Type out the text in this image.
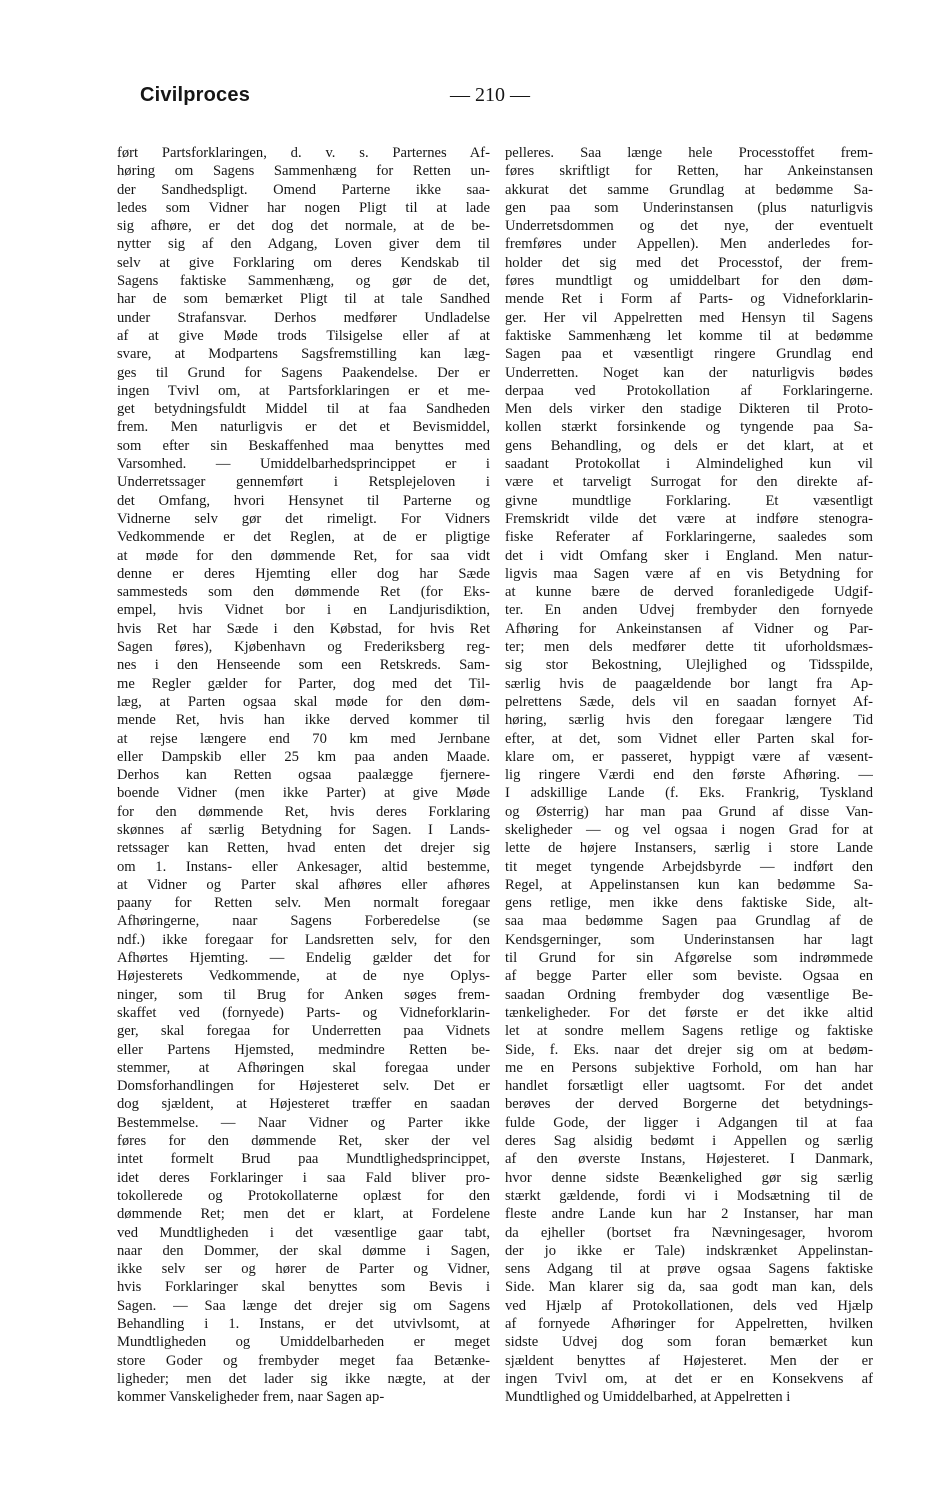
Civilproces	— 210 —
ført Partsforklaringen, d. v. s. Parternes Af-
høring om Sagens Sammenhæng for Retten un-
der Sandhedspligt. Omend Parterne ikke saa-
ledes som Vidner har nogen Pligt til at lade
sig afhøre, er det dog det normale, at de be-
nytter sig af den Adgang, Loven giver dem til
selv at give Forklaring om deres Kendskab til
Sagens faktiske Sammenhæng, og gør de det,
har de som bemærket Pligt til at tale Sandhed
under Strafansvar. Derhos medfører Undladelse
af at give Møde trods Tilsigelse eller af at
svare, at Modpartens Sagsfremstilling kan læg-
ges til Grund for Sagens Paakendelse. Der er
ingen Tvivl om, at Partsforklaringen er et me-
get betydningsfuldt Middel til at faa Sandheden
frem. Men naturligvis er det et Bevismiddel,
som efter sin Beskaffenhed maa benyttes med
Varsomhed. — Umiddelbarhedsprincippet er i
Underretssager gennemført i Retsplejeloven i
det Omfang, hvori Hensynet til Parterne og
Vidnerne selv gør det rimeligt. For Vidners
Vedkommende er det Reglen, at de er pligtige
at møde for den dømmende Ret, for saa vidt
denne er deres Hjemting eller dog har Sæde
sammesteds som den dømmende Ret (for Eks-
empel, hvis Vidnet bor i en Landjurisdiktion,
hvis Ret har Sæde i den Købstad, for hvis Ret
Sagen føres), Kjøbenhavn og Frederiksberg reg-
nes i den Henseende som een Retskreds. Sam-
me Regler gælder for Parter, dog med det Til-
læg, at Parten ogsaa skal møde for den døm-
mende Ret, hvis han ikke derved kommer til
at rejse længere end 70 km med Jernbane
eller Dampskib eller 25 km paa anden Maade.
Derhos kan Retten ogsaa paalægge fjernere-
boende Vidner (men ikke Parter) at give Møde
for den dømmende Ret, hvis deres Forklaring
skønnes af særlig Betydning for Sagen. I Lands-
retssager kan Retten, hvad enten det drejer sig
om 1. Instans- eller Ankesager, altid bestemme,
at Vidner og Parter skal afhøres eller afhøres
paany for Retten selv. Men normalt foregaar
Afhøringerne, naar Sagens Forberedelse (se
ndf.) ikke foregaar for Landsretten selv, for den
Afhørtes Hjemting. — Endelig gælder det for
Højesterets Vedkommende, at de nye Oplys-
ninger, som til Brug for Anken søges frem-
skaffet ved (fornyede) Parts- og Vidneforklarin-
ger, skal foregaa for Underretten paa Vidnets
eller Partens Hjemsted, medmindre Retten be-
stemmer, at Afhøringen skal foregaa under
Domsforhandlingen for Højesteret selv. Det er
dog sjældent, at Højesteret træffer en saadan
Bestemmelse. — Naar Vidner og Parter ikke
føres for den dømmende Ret, sker der vel
intet formelt Brud paa Mundtlighedsprincippet,
idet deres Forklaringer i saa Fald bliver pro-
tokollerede og Protokollaterne oplæst for den
dømmende Ret; men det er klart, at Fordelene
ved Mundtligheden i det væsentlige gaar tabt,
naar den Dommer, der skal dømme i Sagen,
ikke selv ser og hører de Parter og Vidner,
hvis Forklaringer skal benyttes som Bevis i
Sagen. — Saa længe det drejer sig om Sagens
Behandling i 1. Instans, er det utvivlsomt, at
Mundtligheden og Umiddelbarheden er meget
store Goder og frembyder meget faa Betænke-
ligheder; men det lader sig ikke nægte, at der
kommer Vanskeligheder frem, naar Sagen ap-
pelleres. Saa længe hele Processtoffet frem-
føres skriftligt for Retten, har Ankeinstansen
akkurat det samme Grundlag at bedømme Sa-
gen paa som Underinstansen (plus naturligvis
Underretsdommen og det nye, der eventuelt
fremføres under Appellen). Men anderledes for-
holder det sig med det Processtof, der frem-
føres mundtligt og umiddelbart for den døm-
mende Ret i Form af Parts- og Vidneforklarin-
ger. Her vil Appelretten med Hensyn til Sagens
faktiske Sammenhæng let komme til at bedømme
Sagen paa et væsentligt ringere Grundlag end
Underretten. Noget kan der naturligvis bødes
derpaa ved Protokollation af Forklaringerne.
Men dels virker den stadige Dikteren til Proto-
kollen stærkt forsinkende og tyngende paa Sa-
gens Behandling, og dels er det klart, at et
saadant Protokollat i Almindelighed kun vil
være et tarveligt Surrogat for den direkte af-
givne mundtlige Forklaring. Et væsentligt
Fremskridt vilde det være at indføre stenogra-
fiske Referater af Forklaringerne, saaledes som
det i vidt Omfang sker i England. Men natur-
ligvis maa Sagen være af en vis Betydning for
at kunne bære de derved foranledigede Udgif-
ter. En anden Udvej frembyder den fornyede
Afhøring for Ankeinstansen af Vidner og Par-
ter; men dels medfører dette tit uforholdsmæs-
sig stor Bekostning, Ulejlighed og Tidsspilde,
særlig hvis de paagældende bor langt fra Ap-
pelrettens Sæde, dels vil en saadan fornyet Af-
høring, særlig hvis den foregaar længere Tid
efter, at det, som Vidnet eller Parten skal for-
klare om, er passeret, hyppigt være af væsent-
lig ringere Værdi end den første Afhøring. —
I adskillige Lande (f. Eks. Frankrig, Tyskland
og Østerrig) har man paa Grund af disse Van-
skeligheder — og vel ogsaa i nogen Grad for at
lette de højere Instansers, særlig i store Lande
tit meget tyngende Arbejdsbyrde — indført den
Regel, at Appelinstansen kun kan bedømme Sa-
gens retlige, men ikke dens faktiske Side, alt-
saa maa bedømme Sagen paa Grundlag af de
Kendsgerninger, som Underinstansen har lagt
til Grund for sin Afgørelse som indrømmede
af begge Parter eller som beviste. Ogsaa en
saadan Ordning frembyder dog væsentlige Be-
tænkeligheder. For det første er det ikke altid
let at sondre mellem Sagens retlige og faktiske
Side, f. Eks. naar det drejer sig om at bedøm-
me en Persons subjektive Forhold, om han har
handlet forsætligt eller uagtsomt. For det andet
berøves der derved Borgerne det betydnings-
fulde Gode, der ligger i Adgangen til at faa
deres Sag alsidig bedømt i Appellen og særlig
af den øverste Instans, Højesteret. I Danmark,
hvor denne sidste Beænkelighed gør sig særlig
stærkt gældende, fordi vi i Modsætning til de
fleste andre Lande kun har 2 Instanser, har man
da ejheller (bortset fra Nævningesager, hvorom
der jo ikke er Tale) indskrænket Appelinstan-
sens Adgang til at prøve ogsaa Sagens faktiske
Side. Man klarer sig da, saa godt man kan, dels
ved Hjælp af Protokollationen, dels ved Hjælp
af fornyede Afhøringer for Appelretten, hvilken
sidste Udvej dog som foran bemærket kun
sjældent benyttes af Højesteret. Men der er
ingen Tvivl om, at det er en Konsekvens af
Mundtlighed og Umiddelbarhed, at Appelretten i
